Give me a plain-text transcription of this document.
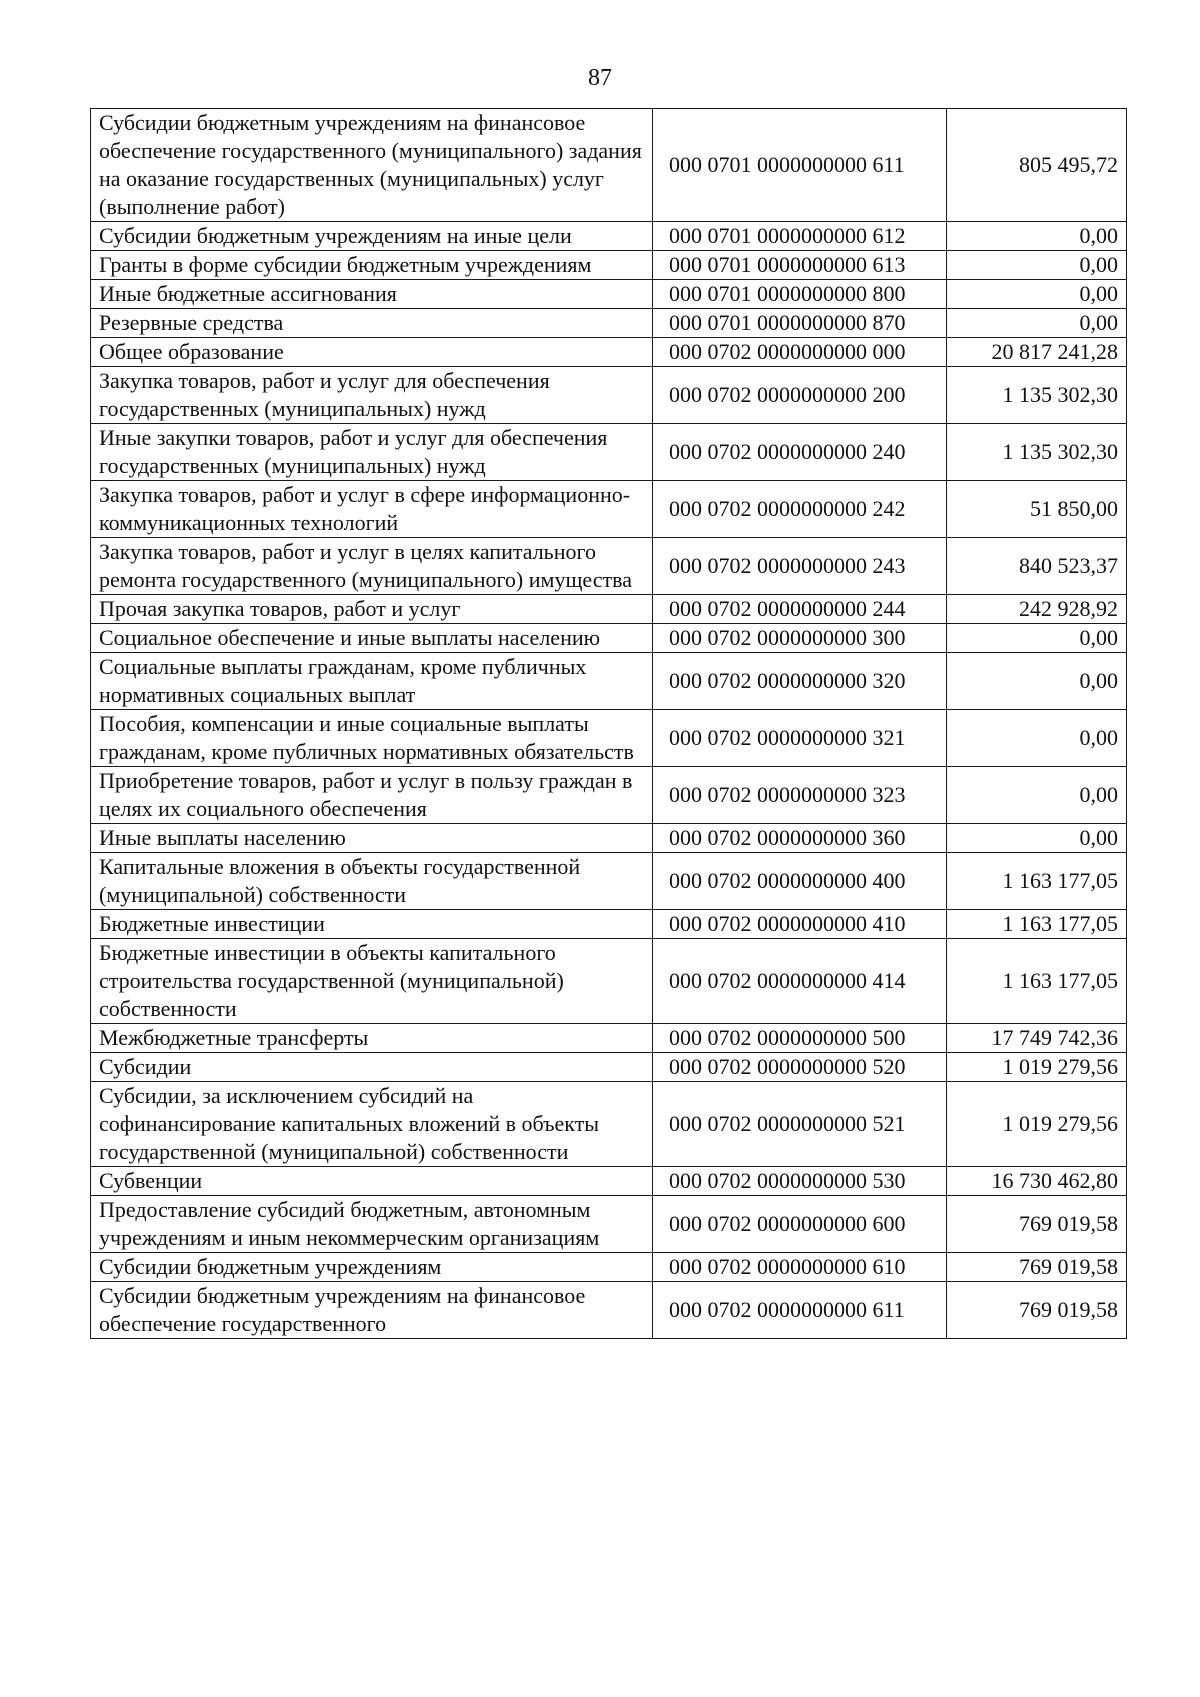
87
Субсидии бюджетным учреждениям на финансовое обеспечение государственного (муниципального) задания на оказание государственных (муниципальных) услуг (выполнение работ)	000 0701 0000000000 611	805 495,72
Субсидии бюджетным учреждениям на иные цели	000 0701 0000000000 612	0,00
Гранты в форме субсидии бюджетным учреждениям	000 0701 0000000000 613	0,00
Иные бюджетные ассигнования	000 0701 0000000000 800	0,00
Резервные средства	000 0701 0000000000 870	0,00
Общее образование	000 0702 0000000000 000	20 817 241,28
Закупка товаров, работ и услуг для обеспечения государственных (муниципальных) нужд	000 0702 0000000000 200	1 135 302,30
Иные закупки товаров, работ и услуг для обеспечения государственных (муниципальных) нужд	000 0702 0000000000 240	1 135 302,30
Закупка товаров, работ и услуг в сфере информационно-коммуникационных технологий	000 0702 0000000000 242	51 850,00
Закупка товаров, работ и услуг в целях капитального ремонта государственного (муниципального) имущества	000 0702 0000000000 243	840 523,37
Прочая закупка товаров, работ и услуг	000 0702 0000000000 244	242 928,92
Социальное обеспечение и иные выплаты населению	000 0702 0000000000 300	0,00
Социальные выплаты гражданам, кроме публичных нормативных социальных выплат	000 0702 0000000000 320	0,00
Пособия, компенсации и иные социальные выплаты гражданам, кроме публичных нормативных обязательств	000 0702 0000000000 321	0,00
Приобретение товаров, работ и услуг в пользу граждан в целях их социального обеспечения	000 0702 0000000000 323	0,00
Иные выплаты населению	000 0702 0000000000 360	0,00
Капитальные вложения в объекты государственной (муниципальной) собственности	000 0702 0000000000 400	1 163 177,05
Бюджетные инвестиции	000 0702 0000000000 410	1 163 177,05
Бюджетные инвестиции в объекты капитального строительства государственной (муниципальной) собственности	000 0702 0000000000 414	1 163 177,05
Межбюджетные трансферты	000 0702 0000000000 500	17 749 742,36
Субсидии	000 0702 0000000000 520	1 019 279,56
Субсидии, за исключением субсидий на софинансирование капитальных вложений в объекты государственной (муниципальной) собственности	000 0702 0000000000 521	1 019 279,56
Субвенции	000 0702 0000000000 530	16 730 462,80
Предоставление субсидий бюджетным, автономным учреждениям и иным некоммерческим организациям	000 0702 0000000000 600	769 019,58
Субсидии бюджетным учреждениям	000 0702 0000000000 610	769 019,58
Субсидии бюджетным учреждениям на финансовое обеспечение государственного	000 0702 0000000000 611	769 019,58
